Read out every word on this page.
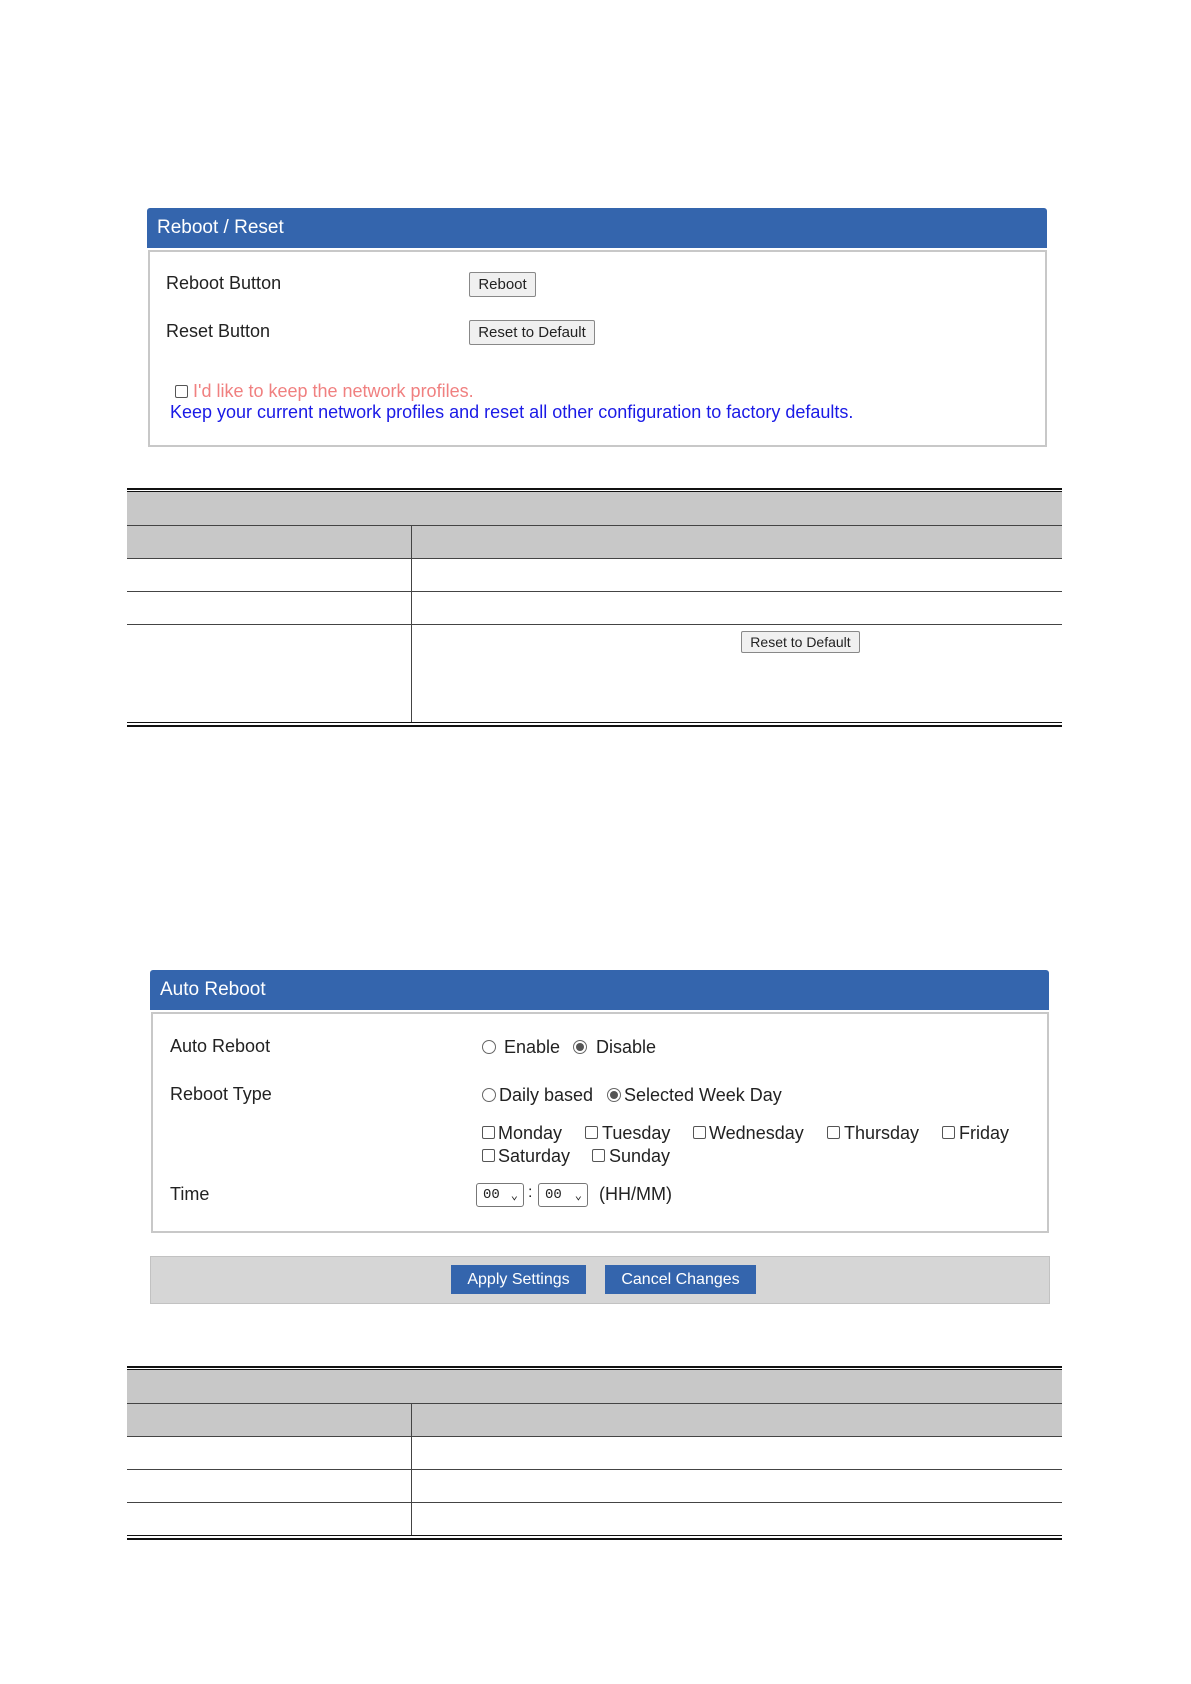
Reboot / Reset
Reboot Button	Reboot
Reset Button	Reset to Default
I'd like to keep the network profiles.
Keep your current network profiles and reset all other configuration to factory defaults.
Reset to Default
Auto Reboot
Auto Reboot	Enable Disable
Reboot Type	Daily based Selected Week Day
Monday Tuesday Wednesday Thursday Friday
Saturday Sunday
Time	00 ⌄ : 00 ⌄ (HH/MM)
Apply Settings	Cancel Changes
